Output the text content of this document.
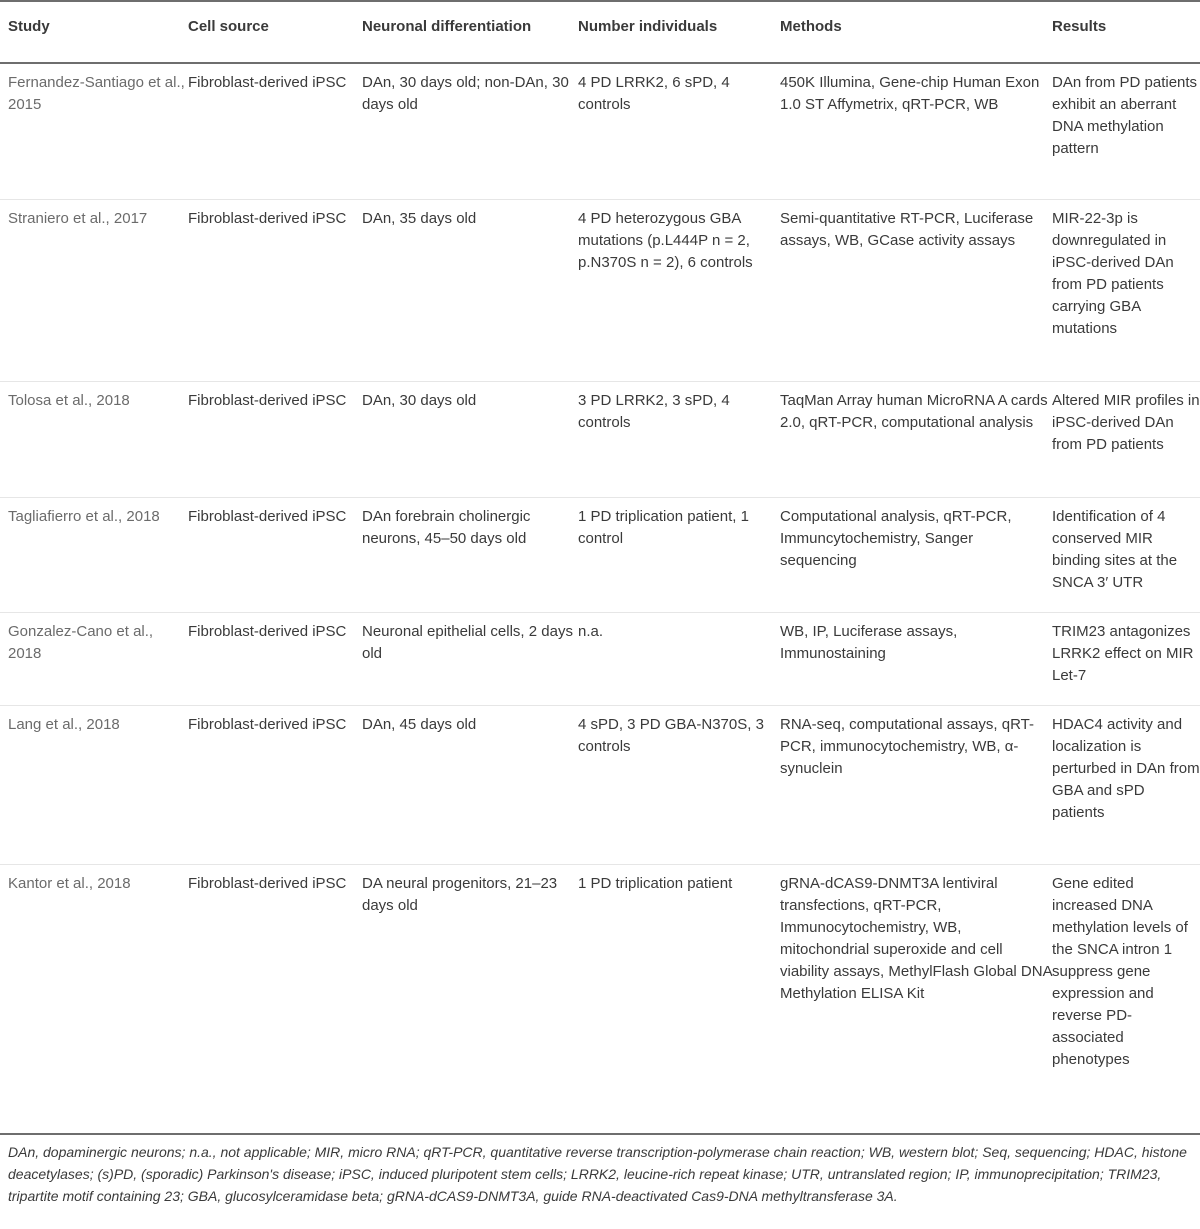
Study	Cell source	Neuronal differentiation	Number individuals	Methods	Results
Fernandez-Santiago et al., 2015	Fibroblast-derived iPSC	DAn, 30 days old; non-DAn, 30 days old	4 PD LRRK2, 6 sPD, 4 controls	450K Illumina, Gene-chip Human Exon 1.0 ST Affymetrix, qRT-PCR, WB	DAn from PD patients exhibit an aberrant DNA methylation pattern
Straniero et al., 2017	Fibroblast-derived iPSC	DAn, 35 days old	4 PD heterozygous GBA mutations (p.L444P n = 2, p.N370S n = 2), 6 controls	Semi-quantitative RT-PCR, Luciferase assays, WB, GCase activity assays	MIR-22-3p is downregulated in iPSC-derived DAn from PD patients carrying GBA mutations
Tolosa et al., 2018	Fibroblast-derived iPSC	DAn, 30 days old	3 PD LRRK2, 3 sPD, 4 controls	TaqMan Array human MicroRNA A cards 2.0, qRT-PCR, computational analysis	Altered MIR profiles in iPSC-derived DAn from PD patients
Tagliafierro et al., 2018	Fibroblast-derived iPSC	DAn forebrain cholinergic neurons, 45–50 days old	1 PD triplication patient, 1 control	Computational analysis, qRT-PCR, Immuncytochemistry, Sanger sequencing	Identification of 4 conserved MIR binding sites at the SNCA 3′ UTR
Gonzalez-Cano et al., 2018	Fibroblast-derived iPSC	Neuronal epithelial cells, 2 days old	n.a.	WB, IP, Luciferase assays, Immunostaining	TRIM23 antagonizes LRRK2 effect on MIR Let-7
Lang et al., 2018	Fibroblast-derived iPSC	DAn, 45 days old	4 sPD, 3 PD GBA-N370S, 3 controls	RNA-seq, computational assays, qRT-PCR, immunocytochemistry, WB, α-synuclein	HDAC4 activity and localization is perturbed in DAn from GBA and sPD patients
Kantor et al., 2018	Fibroblast-derived iPSC	DA neural progenitors, 21–23 days old	1 PD triplication patient	gRNA-dCAS9-DNMT3A lentiviral transfections, qRT-PCR, Immunocytochemistry, WB, mitochondrial superoxide and cell viability assays, MethylFlash Global DNA Methylation ELISA Kit	Gene edited increased DNA methylation levels of the SNCA intron 1 suppress gene expression and reverse PD-associated phenotypes
DAn, dopaminergic neurons; n.a., not applicable; MIR, micro RNA; qRT-PCR, quantitative reverse transcription-polymerase chain reaction; WB, western blot; Seq, sequencing; HDAC, histone deacetylases; (s)PD, (sporadic) Parkinson's disease; iPSC, induced pluripotent stem cells; LRRK2, leucine-rich repeat kinase; UTR, untranslated region; IP, immunoprecipitation; TRIM23, tripartite motif containing 23; GBA, glucosylceramidase beta; gRNA-dCAS9-DNMT3A, guide RNA-deactivated Cas9-DNA methyltransferase 3A.
